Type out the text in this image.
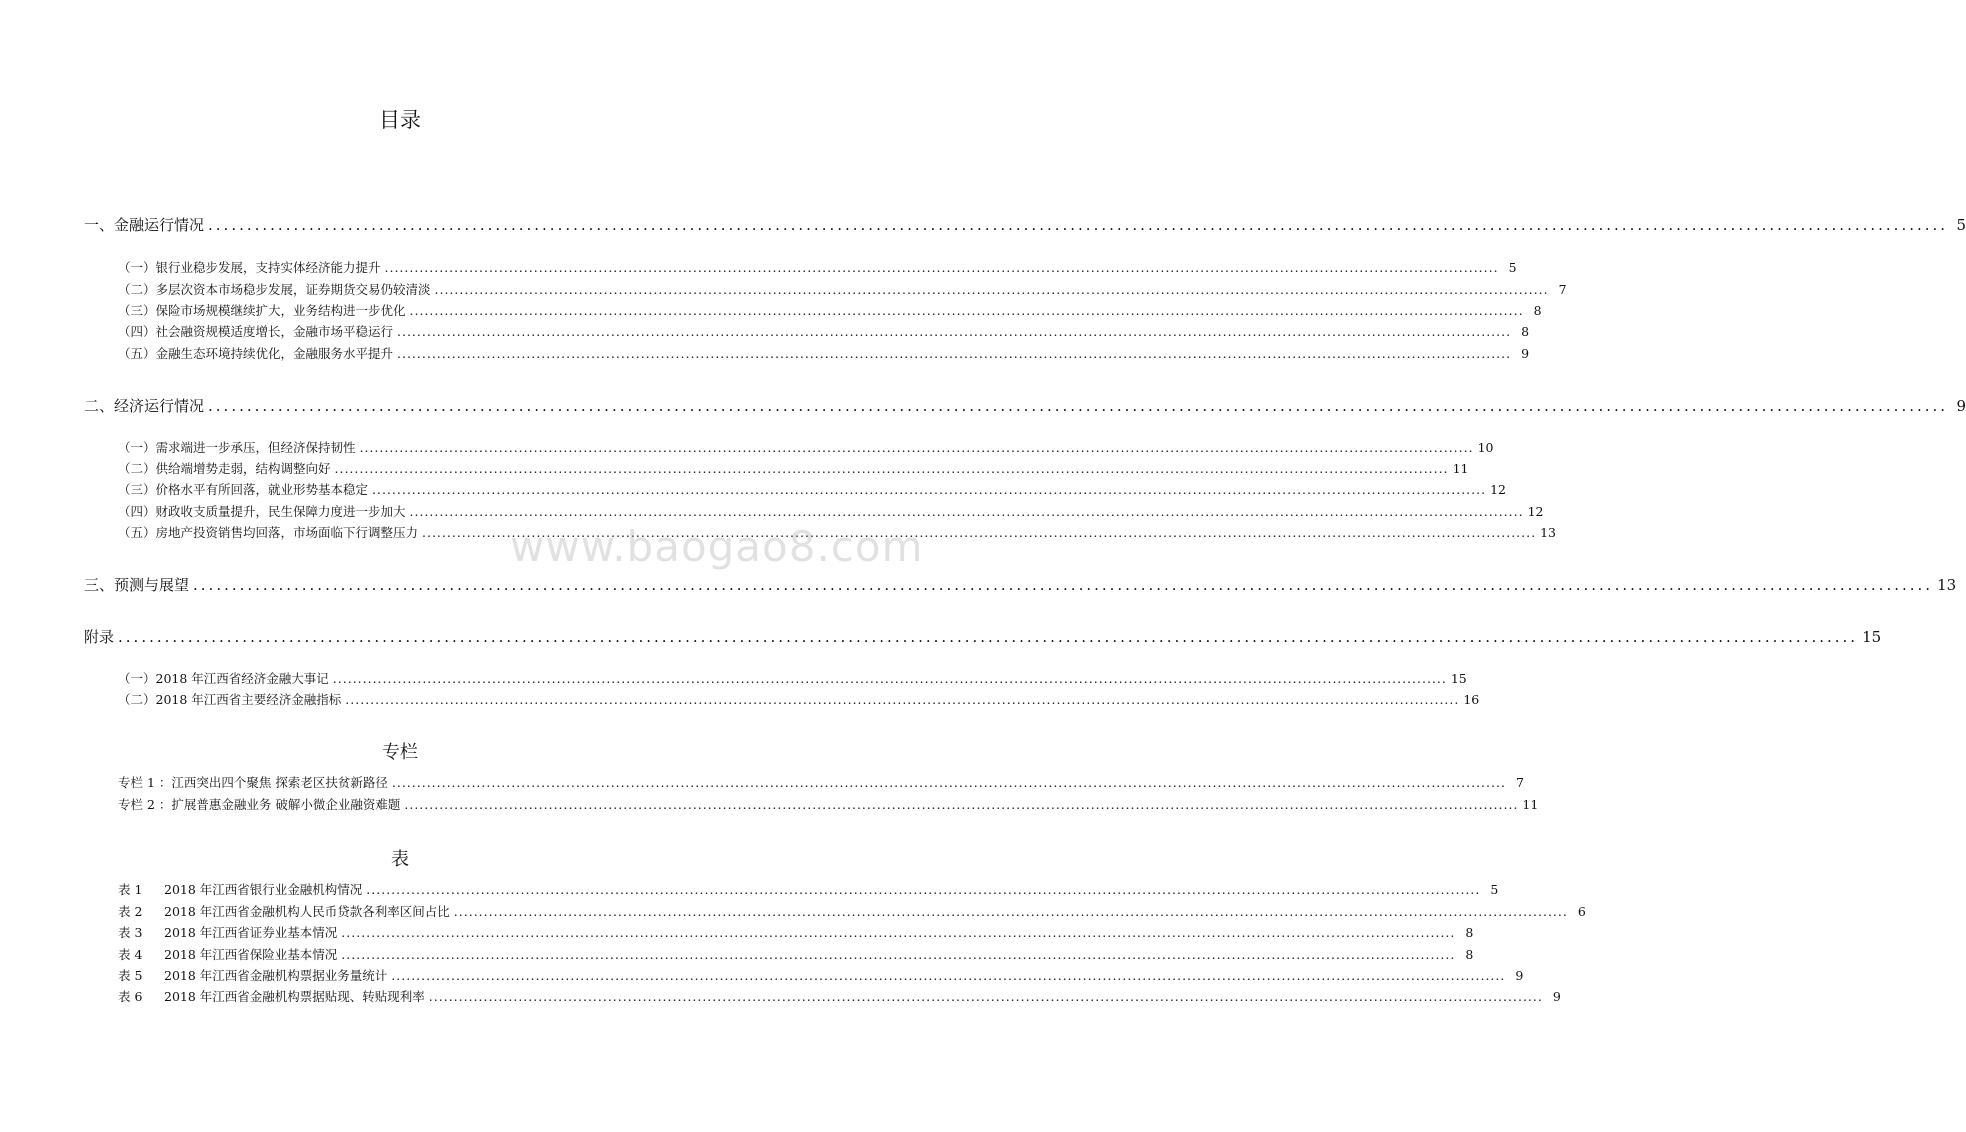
目录
一、金融运行情况 .....	5
（一）银行业稳步发展，支持实体经济能力提升 .....	5
（二）多层次资本市场稳步发展，证券期货交易仍较清淡 .....	7
（三）保险市场规模继续扩大，业务结构进一步优化 .....	8
（四）社会融资规模适度增长，金融市场平稳运行 .....	8
（五）金融生态环境持续优化，金融服务水平提升 .....	9
二、经济运行情况 .....	9
（一）需求端进一步承压，但经济保持韧性 .....	10
（二）供给端增势走弱，结构调整向好 .....	11
（三）价格水平有所回落，就业形势基本稳定 .....	12
（四）财政收支质量提升，民生保障力度进一步加大 .....	12
（五）房地产投资销售均回落，市场面临下行调整压力 .....	13
三、预测与展望 .....	13
附录 .....	15
（一）2018 年江西省经济金融大事记 .....	15
（二）2018 年江西省主要经济金融指标 .....	16
专栏
专栏 1 ：江西突出四个聚焦 探索老区扶贫新路径 .....	7
专栏 2 ：扩展普惠金融业务 破解小微企业融资难题 .....	11
表
表 1 2018 年江西省银行业金融机构情况 .....	5
表 2 2018 年江西省金融机构人民币贷款各利率区间占比 .....	6
表 3 2018 年江西省证券业基本情况 .....	8
表 4 2018 年江西省保险业基本情况 .....	8
表 5 2018 年江西省金融机构票据业务量统计 .....	9
表 6 2018 年江西省金融机构票据贴现、转贴现利率 .....	9
www.baogao8.com
